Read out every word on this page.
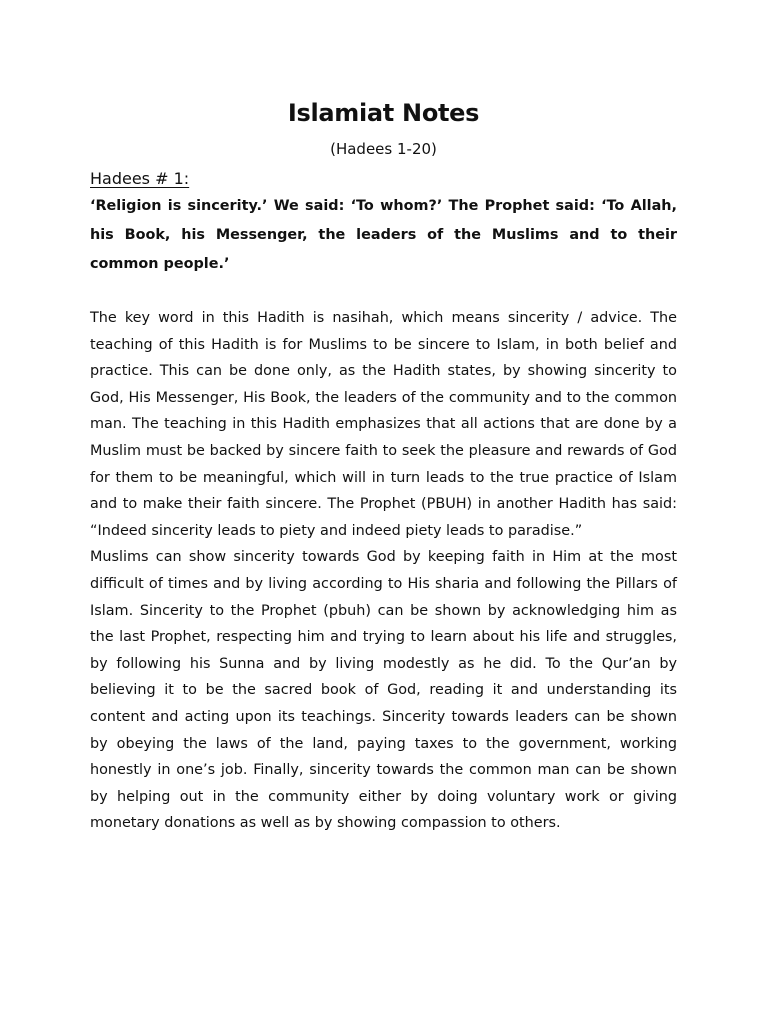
Islamiat Notes

(Hadees 1-20)

Hadees # 1:

‘Religion is sincerity.’ We said: ‘To whom?’ The Prophet said: ‘To Allah, his Book, his Messenger, the leaders of the Muslims and to their common people.’

The key word in this Hadith is nasihah, which means sincerity / advice. The teaching of this Hadith is for Muslims to be sincere to Islam, in both belief and practice. This can be done only, as the Hadith states, by showing sincerity to God, His Messenger, His Book, the leaders of the community and to the common man. The teaching in this Hadith emphasizes that all actions that are done by a Muslim must be backed by sincere faith to seek the pleasure and rewards of God for them to be meaningful, which will in turn leads to the true practice of Islam and to make their faith sincere. The Prophet (PBUH) in another Hadith has said: “Indeed sincerity leads to piety and indeed piety leads to paradise.”

Muslims can show sincerity towards God by keeping faith in Him at the most difficult of times and by living according to His sharia and following the Pillars of Islam. Sincerity to the Prophet (pbuh) can be shown by acknowledging him as the last Prophet, respecting him and trying to learn about his life and struggles, by following his Sunna and by living modestly as he did. To the Qur’an by believing it to be the sacred book of God, reading it and understanding its content and acting upon its teachings. Sincerity towards leaders can be shown by obeying the laws of the land, paying taxes to the government, working honestly in one’s job. Finally, sincerity towards the common man can be shown by helping out in the community either by doing voluntary work or giving monetary donations as well as by showing compassion to others.
